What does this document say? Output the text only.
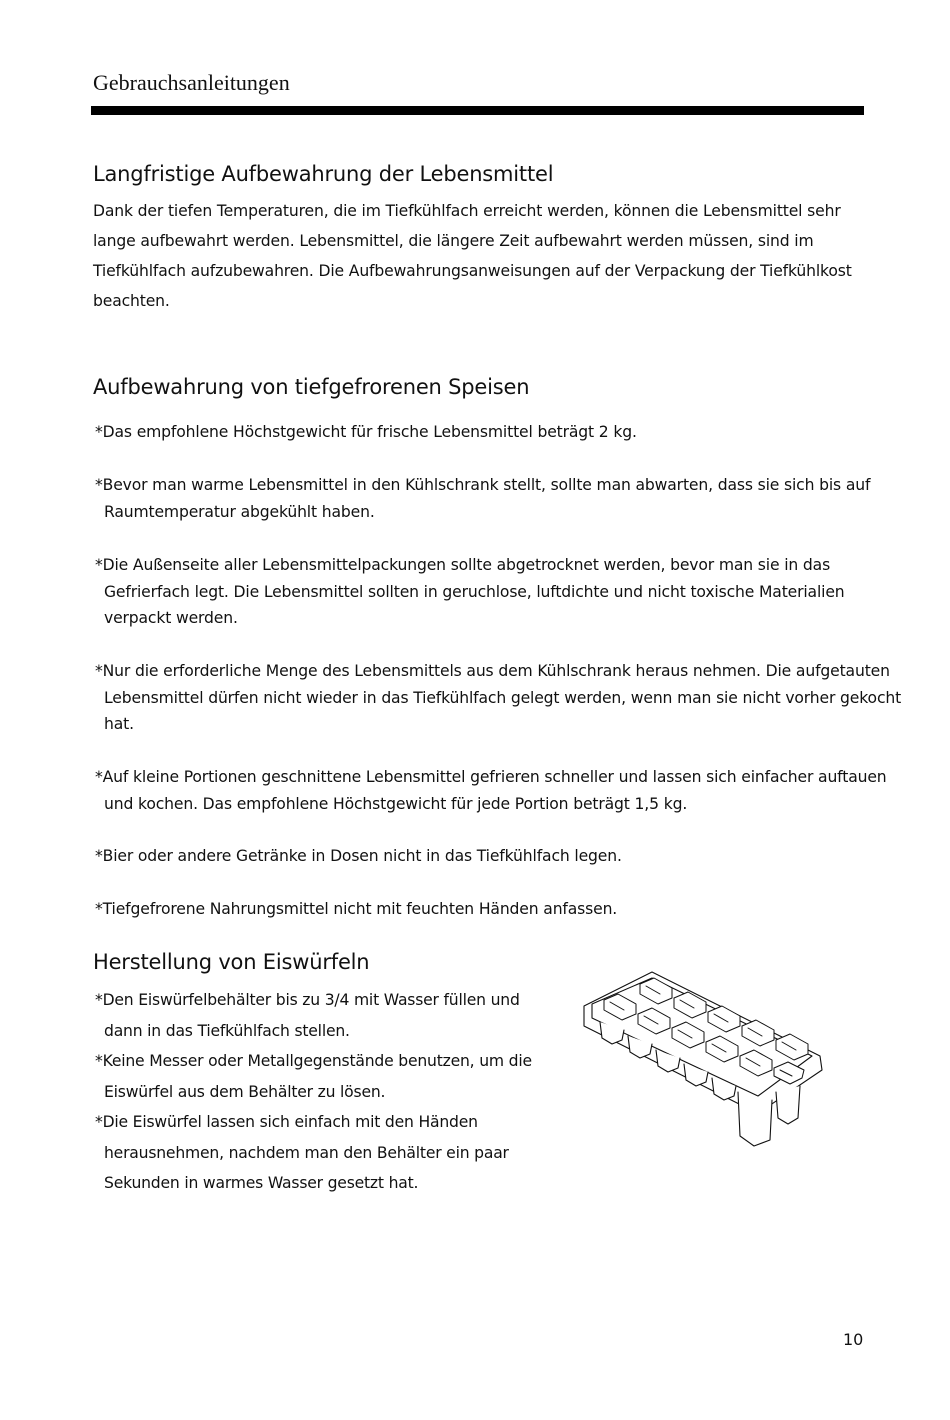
Gebrauchsanleitungen
Langfristige Aufbewahrung der Lebensmittel

Dank der tiefen Temperaturen, die im Tiefkühlfach erreicht werden, können die Lebensmittel sehr lange aufbewahrt werden. Lebensmittel, die längere Zeit aufbewahrt werden müssen, sind im Tiefkühlfach aufzubewahren. Die Aufbewahrungsanweisungen auf der Verpackung der Tiefkühlkost beachten.

Aufbewahrung von tiefgefrorenen Speisen

*Das empfohlene Höchstgewicht für frische Lebensmittel beträgt 2 kg.

*Bevor man warme Lebensmittel in den Kühlschrank stellt, sollte man abwarten, dass sie sich bis auf Raumtemperatur abgekühlt haben.

*Die Außenseite aller Lebensmittelpackungen sollte abgetrocknet werden, bevor man sie in das Gefrierfach legt. Die Lebensmittel sollten in geruchlose, luftdichte und nicht toxische Materialien verpackt werden.

*Nur die erforderliche Menge des Lebensmittels aus dem Kühlschrank heraus nehmen. Die aufgetauten Lebensmittel dürfen nicht wieder in das Tiefkühlfach gelegt werden, wenn man sie nicht vorher gekocht hat.

*Auf kleine Portionen geschnittene Lebensmittel gefrieren schneller und lassen sich einfacher auftauen und kochen. Das empfohlene Höchstgewicht für jede Portion beträgt 1,5 kg.

*Bier oder andere Getränke in Dosen nicht in das Tiefkühlfach legen.

*Tiefgefrorene Nahrungsmittel nicht mit feuchten Händen anfassen.

Herstellung von Eiswürfeln
*Den Eiswürfelbehälter bis zu 3/4 mit Wasser füllen und dann in das Tiefkühlfach stellen.
*Keine Messer oder Metallgegenstände benutzen, um die Eiswürfel aus dem Behälter zu lösen.
*Die Eiswürfel lassen sich einfach mit den Händen herausnehmen, nachdem man den Behälter ein paar Sekunden in warmes Wasser gesetzt hat.
10
